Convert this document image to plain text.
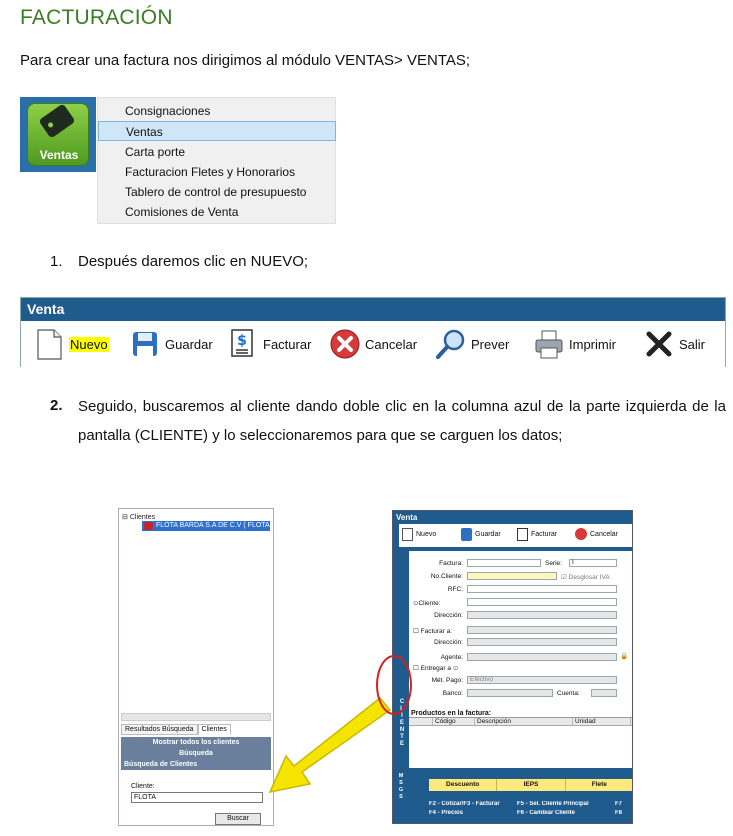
FACTURACIÓN
Para crear una factura nos dirigimos al módulo VENTAS> VENTAS;
Ventas
Consignaciones
Ventas
Carta porte
Facturacion Fletes y Honorarios
Tablero de control de presupuesto
Comisiones de Venta
1. Después daremos clic en NUEVO;
Venta
Nuevo	Guardar $ Facturar	Cancelar	Prever	Imprimir	Salir
2. Seguido, buscaremos al cliente dando doble clic en la columna azul de la parte izquierda de la pantalla (CLIENTE) y lo seleccionaremos para que se carguen los datos;
⊟ Clientes
FLOTA BARDA S.A DE C.V ( FLOTA
Resultados Búsqueda Clientes
Mostrar todos los clientes
Búsqueda
Búsqueda de Clientes
Cliente:
FLOTA
Buscar
Venta
Nuevo	Guardar	Facturar	Cancelar
C
L
I
E
N
T
E
Factura:	Serie:	I
No.Cliente:	☑ Desglosar IVA
RFC:
⊙Cliente:
Dirección:
☐ Facturar a:
Dirección:
Agente:	🔒
☐ Entregar a ⊙
Mét. Pago:	Efectivo
Banco:	Cuenta:
Productos en la factura:
Código	Descripción	Unidad
M
S
G
S
Descuento	IEPS	Flete
F2 - Cotizar/F3 - Facturar	F5 - Sel. Cliente Principal	F7
F4 - Precios	F6 - Cambiar Cliente	F8
